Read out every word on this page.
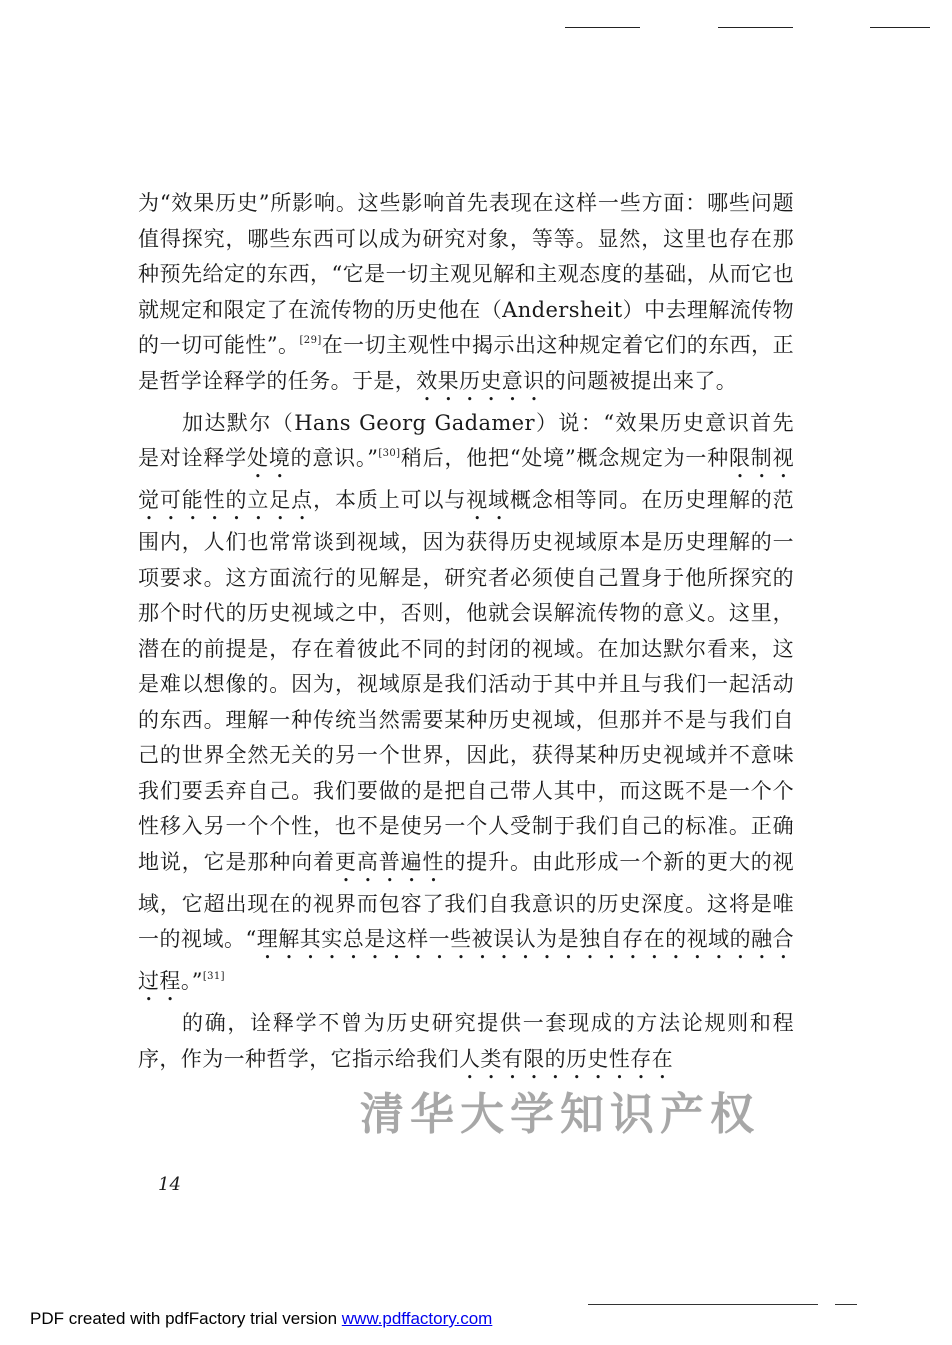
为“效果历史”所影响。这些影响首先表现在这样一些方面：哪些问题值得探究，哪些东西可以成为研究对象，等等。显然，这里也存在那种预先给定的东西，“它是一切主观见解和主观态度的基础，从而它也就规定和限定了在流传物的历史他在（Andersheit）中去理解流传物的一切可能性”。[29]在一切主观性中揭示出这种规定着它们的东西，正是哲学诠释学的任务。于是，效果历史意识的问题被提出来了。

加达默尔（Hans Georg Gadamer）说：“效果历史意识首先是对诠释学处境的意识。”[30]稍后，他把“处境”概念规定为一种限制视觉可能性的立足点，本质上可以与视域概念相等同。在历史理解的范围内，人们也常常谈到视域，因为获得历史视域原本是历史理解的一项要求。这方面流行的见解是，研究者必须使自己置身于他所探究的那个时代的历史视域之中，否则，他就会误解流传物的意义。这里，潜在的前提是，存在着彼此不同的封闭的视域。在加达默尔看来，这是难以想像的。因为，视域原是我们活动于其中并且与我们一起活动的东西。理解一种传统当然需要某种历史视域，但那并不是与我们自己的世界全然无关的另一个世界，因此，获得某种历史视域并不意味我们要丢弃自己。我们要做的是把自己带人其中，而这既不是一个个性移入另一个个性，也不是使另一个人受制于我们自己的标准。正确地说，它是那种向着更高普遍性的提升。由此形成一个新的更大的视域，它超出现在的视界而包容了我们自我意识的历史深度。这将是唯一的视域。“理解其实总是这样一些被误认为是独自存在的视域的融合过程。”[31]

的确，诠释学不曾为历史研究提供一套现成的方法论规则和程序，作为一种哲学，它指示给我们人类有限的历史性存在

清华大学知识产权
14
PDF created with pdfFactory trial version www.pdffactory.com
